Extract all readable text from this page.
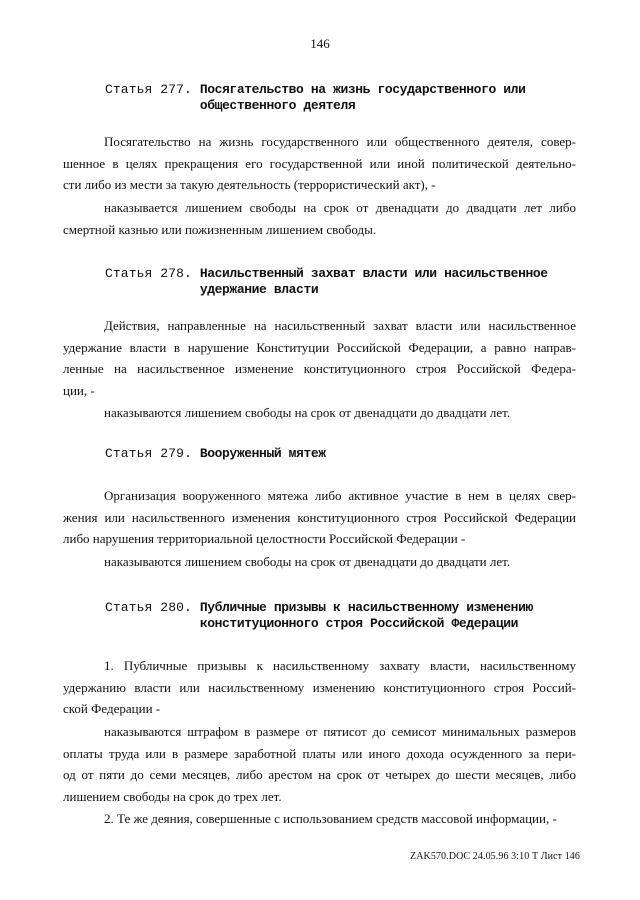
146
Статья 277. Посягательство на жизнь государственного или
общественного деятеля
Посягательство на жизнь государственного или общественного деятеля, совер-
шенное в целях прекращения его государственной или иной политической деятельно-
сти либо из мести за такую деятельность (террористический акт), -
наказывается лишением свободы на срок от двенадцати до двадцати лет либо
смертной казнью или пожизненным лишением свободы.
Статья 278. Насильственный захват власти или насильственное
удержание власти
Действия, направленные на насильственный захват власти или насильственное
удержание власти в нарушение Конституции Российской Федерации, а равно направ-
ленные на насильственное изменение конституционного строя Российской Федера-
ции, -
наказываются лишением свободы на срок от двенадцати до двадцати лет.
Статья 279. Вооруженный мятеж
Организация вооруженного мятежа либо активное участие в нем в целях свер-
жения или насильственного изменения конституционного строя Российской Федерации
либо нарушения территориальной целостности Российской Федерации -
наказываются лишением свободы на срок от двенадцати до двадцати лет.
Статья 280. Публичные призывы к насильственному изменению
конституционного строя Российской Федерации
1. Публичные призывы к насильственному захвату власти, насильственному
удержанию власти или насильственному изменению конституционного строя Россий-
ской Федерации -
наказываются штрафом в размере от пятисот до семисот минимальных размеров
оплаты труда или в размере заработной платы или иного дохода осужденного за пери-
од от пяти до семи месяцев, либо арестом на срок от четырех до шести месяцев, либо
лишением свободы на срок до трех лет.
2. Те же деяния, совершенные с использованием средств массовой информации, -
ZAK570.DOC 24.05.96 3:10 Т Лист 146
